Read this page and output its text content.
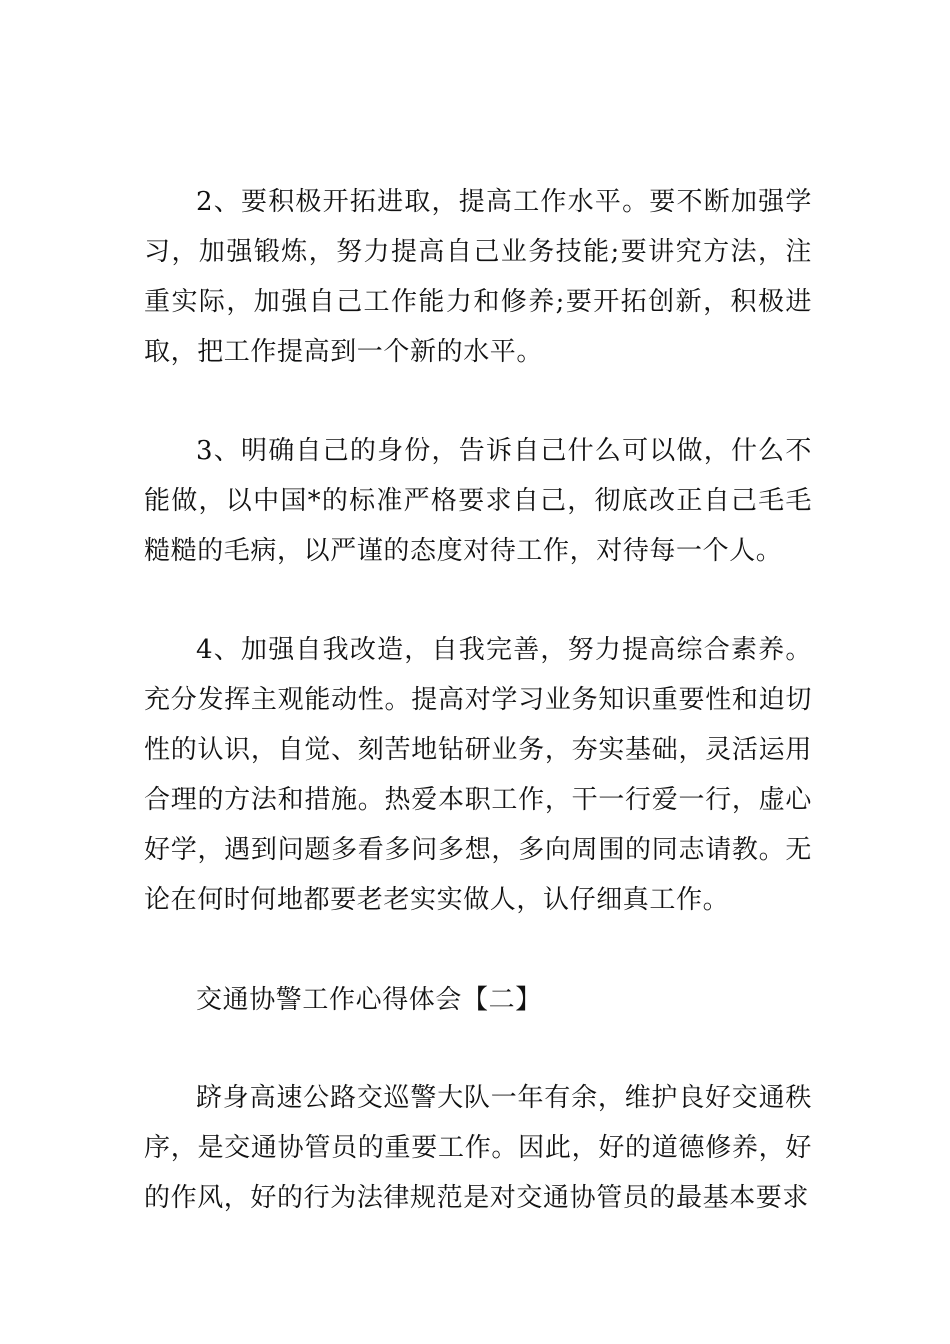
2、要积极开拓进取，提高工作水平。要不断加强学习，加强锻炼，努力提高自己业务技能;要讲究方法，注重实际，加强自己工作能力和修养;要开拓创新，积极进取，把工作提高到一个新的水平。

3、明确自己的身份，告诉自己什么可以做，什么不能做，以中国*的标准严格要求自己，彻底改正自己毛毛糙糙的毛病，以严谨的态度对待工作，对待每一个人。

4、加强自我改造，自我完善，努力提高综合素养。充分发挥主观能动性。提高对学习业务知识重要性和迫切性的认识，自觉、刻苦地钻研业务，夯实基础，灵活运用合理的方法和措施。热爱本职工作，干一行爱一行，虚心好学，遇到问题多看多问多想，多向周围的同志请教。无论在何时何地都要老老实实做人，认仔细真工作。

交通协警工作心得体会【二】

跻身高速公路交巡警大队一年有余，维护良好交通秩序，是交通协管员的重要工作。因此，好的道德修养，好的作风，好的行为法律规范是对交通协管员的最基本要求
